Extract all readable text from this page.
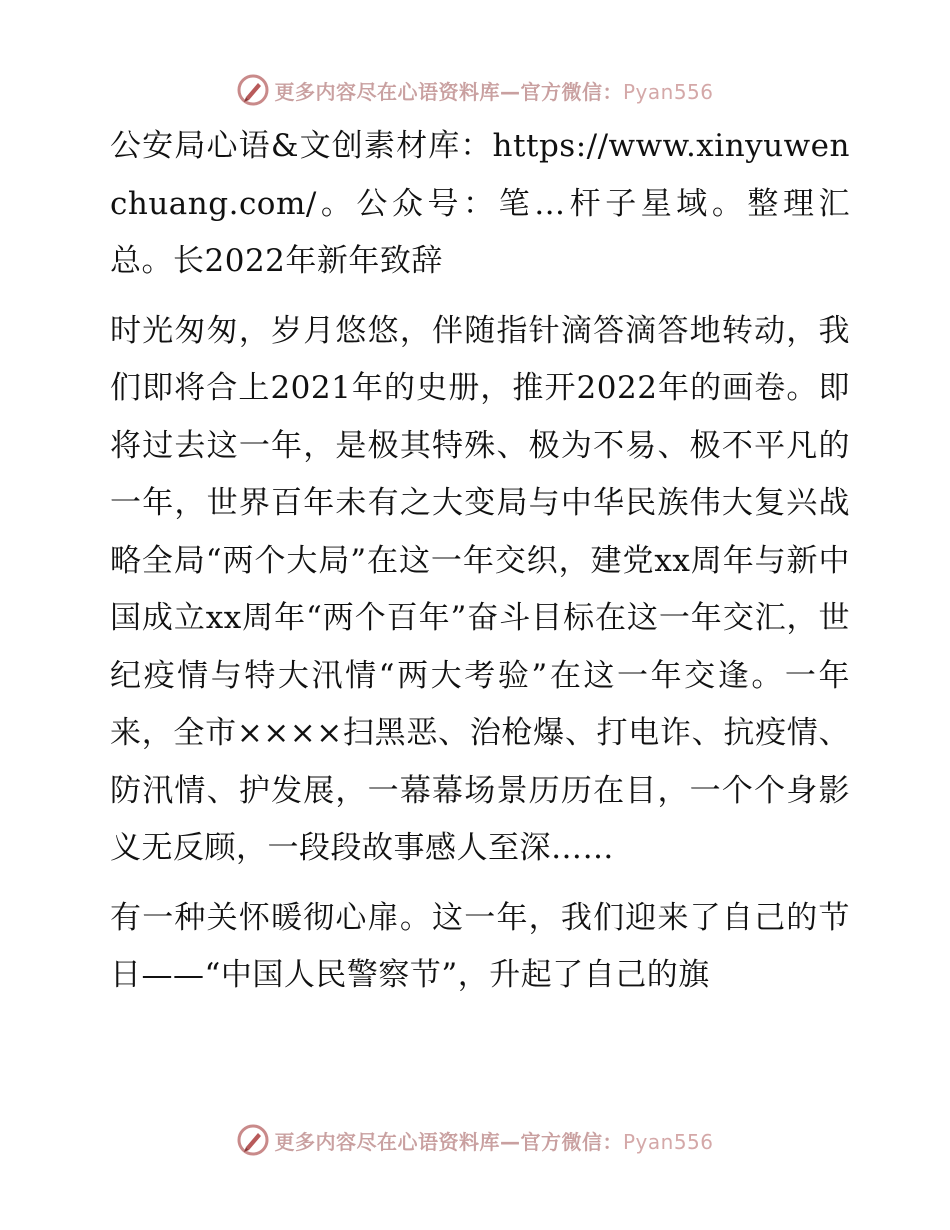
更多内容尽在心语资料库—官方微信：Pyan556

公安局心语&文创素材库：https://www.xinyuwenchuang.com/。公众号：笔…杆子星域。整理汇总。长2022年新年致辞

时光匆匆，岁月悠悠，伴随指针滴答滴答地转动，我们即将合上2021年的史册，推开2022年的画卷。即将过去这一年，是极其特殊、极为不易、极不平凡的一年，世界百年未有之大变局与中华民族伟大复兴战略全局“两个大局”在这一年交织，建党xx周年与新中国成立xx周年“两个百年”奋斗目标在这一年交汇，世纪疫情与特大汛情“两大考验”在这一年交逢。一年来，全市××××扫黑恶、治枪爆、打电诈、抗疫情、防汛情、护发展，一幕幕场景历历在目，一个个身影义无反顾，一段段故事感人至深……

有一种关怀暖彻心扉。这一年，我们迎来了自己的节日——“中国人民警察节”，升起了自己的旗

更多内容尽在心语资料库—官方微信：Pyan556
